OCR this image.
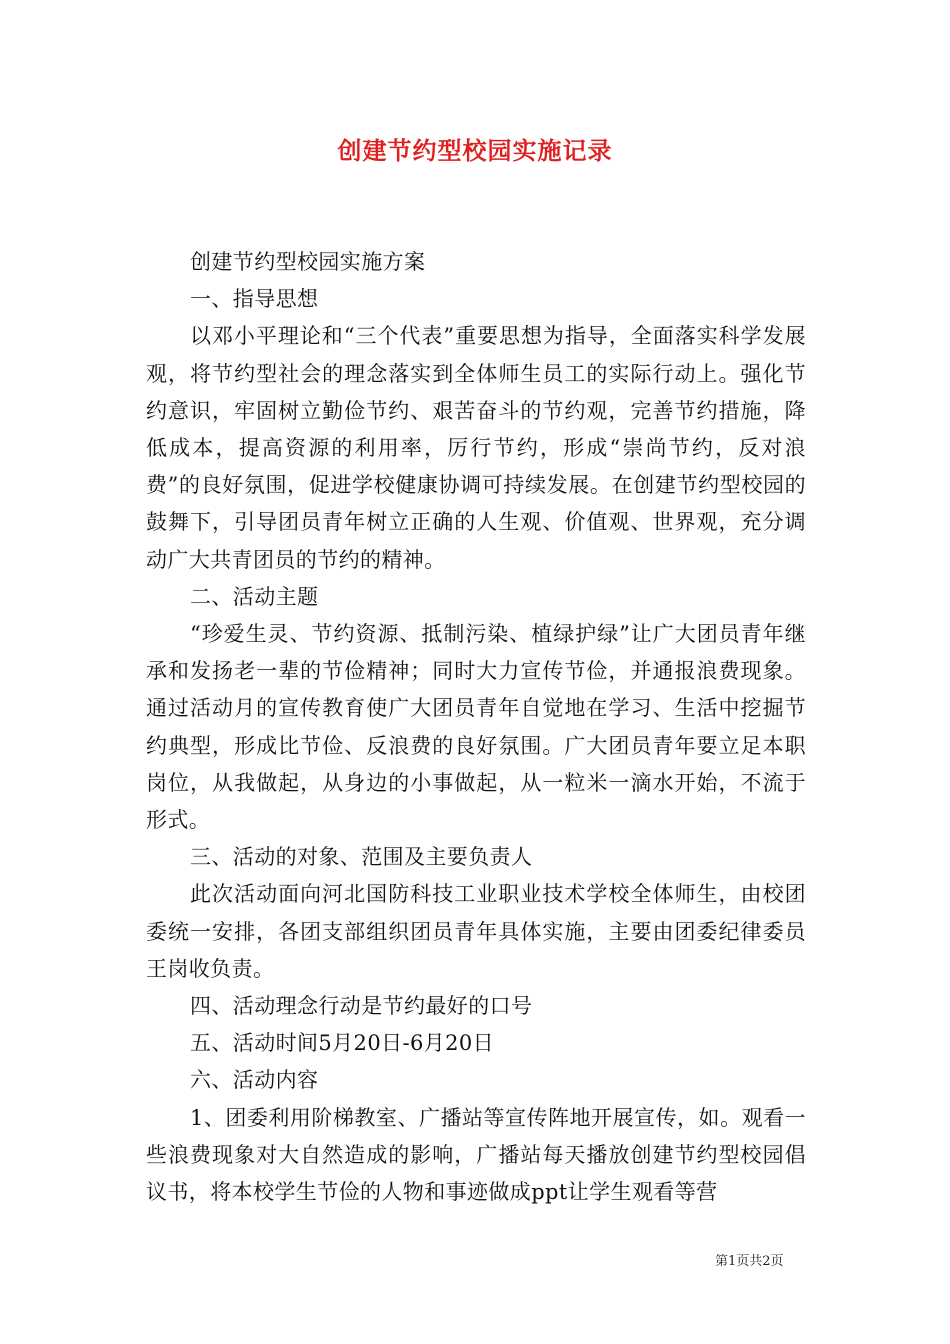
创建节约型校园实施记录

创建节约型校园实施方案

一、指导思想

以邓小平理论和“三个代表”重要思想为指导，全面落实科学发展观，将节约型社会的理念落实到全体师生员工的实际行动上。强化节约意识，牢固树立勤俭节约、艰苦奋斗的节约观，完善节约措施，降低成本，提高资源的利用率，厉行节约，形成“崇尚节约，反对浪费”的良好氛围，促进学校健康协调可持续发展。在创建节约型校园的鼓舞下，引导团员青年树立正确的人生观、价值观、世界观，充分调动广大共青团员的节约的精神。

二、活动主题

“珍爱生灵、节约资源、抵制污染、植绿护绿”让广大团员青年继承和发扬老一辈的节俭精神；同时大力宣传节俭，并通报浪费现象。通过活动月的宣传教育使广大团员青年自觉地在学习、生活中挖掘节约典型，形成比节俭、反浪费的良好氛围。广大团员青年要立足本职岗位，从我做起，从身边的小事做起，从一粒米一滴水开始，不流于形式。

三、活动的对象、范围及主要负责人

此次活动面向河北国防科技工业职业技术学校全体师生，由校团委统一安排，各团支部组织团员青年具体实施，主要由团委纪律委员王岗收负责。

四、活动理念行动是节约最好的口号

五、活动时间5月20日-6月20日

六、活动内容

1、团委利用阶梯教室、广播站等宣传阵地开展宣传，如。观看一些浪费现象对大自然造成的影响，广播站每天播放创建节约型校园倡议书，将本校学生节俭的人物和事迹做成ppt让学生观看等营

第1页共2页
